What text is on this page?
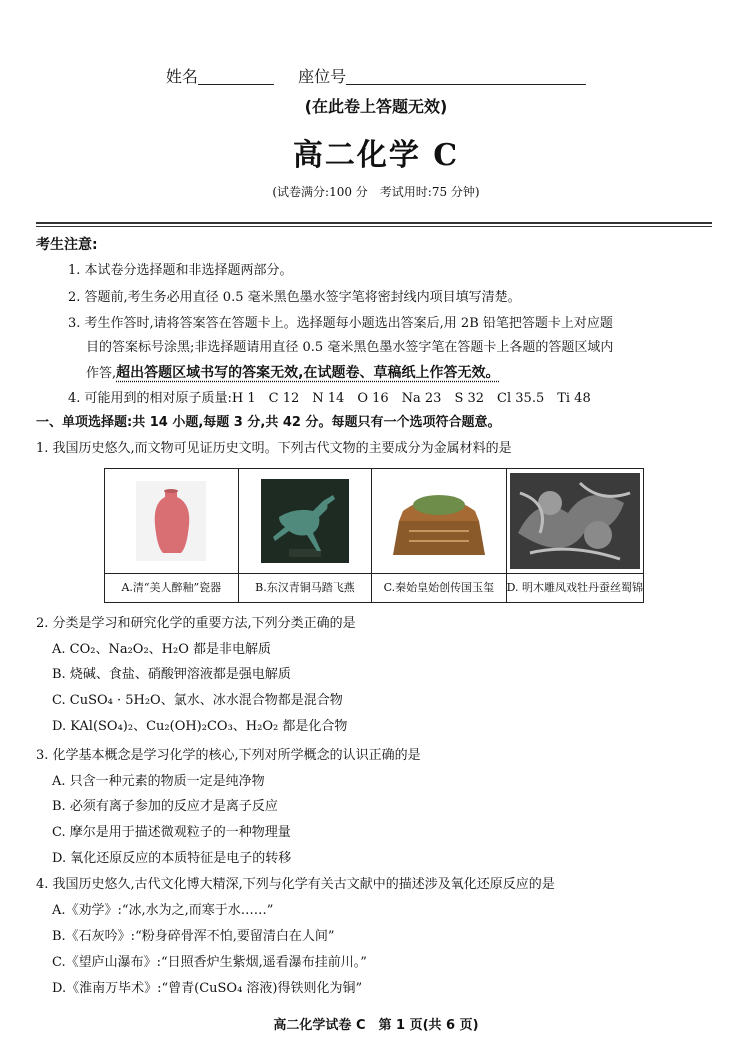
姓名	座位号
(在此卷上答题无效)
高二化学 C
(试卷满分:100 分　考试用时:75 分钟)
考生注意:
1. 本试卷分选择题和非选择题两部分。
2. 答题前,考生务必用直径 0.5 毫米黑色墨水签字笔将密封线内项目填写清楚。
3. 考生作答时,请将答案答在答题卡上。选择题每小题选出答案后,用 2B 铅笔把答题卡上对应题
目的答案标号涂黑;非选择题请用直径 0.5 毫米黑色墨水签字笔在答题卡上各题的答题区域内
作答,超出答题区域书写的答案无效,在试题卷、草稿纸上作答无效。
4. 可能用到的相对原子质量:H 1　C 12　N 14　O 16　Na 23　S 32　Cl 35.5　Ti 48
一、单项选择题:共 14 小题,每题 3 分,共 42 分。每题只有一个选项符合题意。
1. 我国历史悠久,而文物可见证历史文明。下列古代文物的主要成分为金属材料的是
A.清“美人醉釉”瓷器	B.东汉青铜马踏飞燕	C.秦始皇始创传国玉玺	D. 明木雕凤戏牡丹蚕丝蜀锦
2. 分类是学习和研究化学的重要方法,下列分类正确的是
A. CO₂、Na₂O₂、H₂O 都是非电解质
B. 烧碱、食盐、硝酸钾溶液都是强电解质
C. CuSO₄ · 5H₂O、氯水、冰水混合物都是混合物
D. KAl(SO₄)₂、Cu₂(OH)₂CO₃、H₂O₂ 都是化合物
3. 化学基本概念是学习化学的核心,下列对所学概念的认识正确的是
A. 只含一种元素的物质一定是纯净物
B. 必须有离子参加的反应才是离子反应
C. 摩尔是用于描述微观粒子的一种物理量
D. 氧化还原反应的本质特征是电子的转移
4. 我国历史悠久,古代文化博大精深,下列与化学有关古文献中的描述涉及氧化还原反应的是
A.《劝学》:“冰,水为之,而寒于水……”
B.《石灰吟》:“粉身碎骨浑不怕,要留清白在人间”
C.《望庐山瀑布》:“日照香炉生紫烟,遥看瀑布挂前川。”
D.《淮南万毕术》:“曾青(CuSO₄ 溶液)得铁则化为铜”
高二化学试卷 C　第 1 页(共 6 页)
